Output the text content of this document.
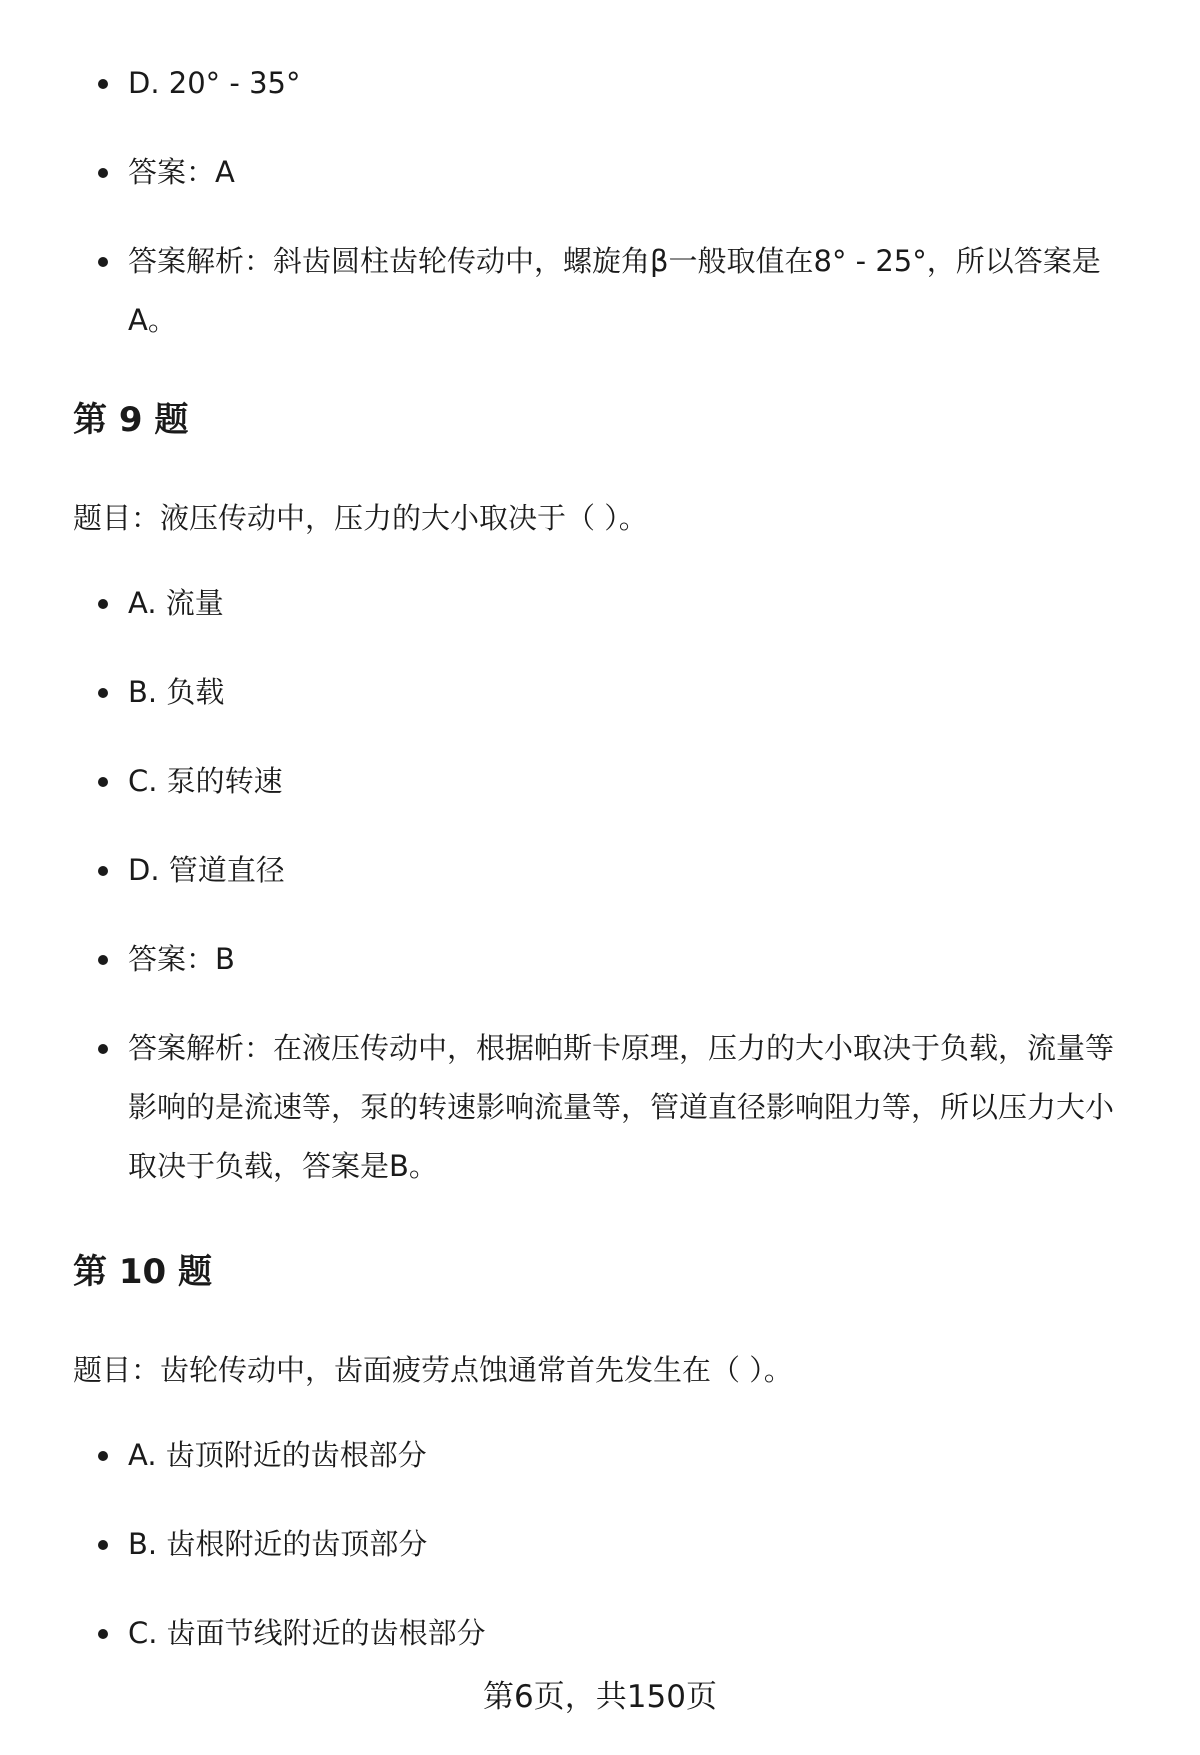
D. 20° - 35°
答案：A
答案解析：斜齿圆柱齿轮传动中，螺旋角β一般取值在8° - 25°，所以答案是A。
第 9 题

题目：液压传动中，压力的大小取决于（ ）。

A. 流量
B. 负载
C. 泵的转速
D. 管道直径
答案：B
答案解析：在液压传动中，根据帕斯卡原理，压力的大小取决于负载，流量等影响的是流速等，泵的转速影响流量等，管道直径影响阻力等，所以压力大小取决于负载，答案是B。
第 10 题

题目：齿轮传动中，齿面疲劳点蚀通常首先发生在（ ）。

A. 齿顶附近的齿根部分
B. 齿根附近的齿顶部分
C. 齿面节线附近的齿根部分
第6页，共150页
